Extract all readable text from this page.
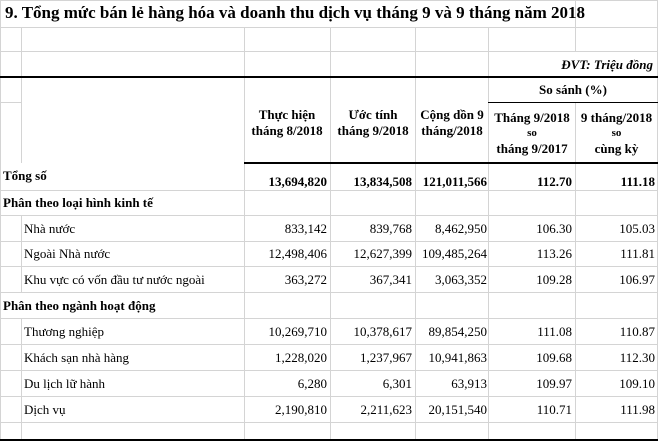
9. Tổng mức bán lẻ hàng hóa và doanh thu dịch vụ tháng 9 và 9 tháng năm 2018
ĐVT: Triệu đồng
Thực hiện tháng 8/2018
Ước tính tháng 9/2018
Cộng dồn 9 tháng/2018
So sánh (%)
Tháng 9/2018
so
tháng 9/2017
9 tháng/2018
so
cùng kỳ
Tổng số	13,694,820	13,834,508 121,011,566	112.70	111.18
Phân theo loại hình kinh tế
Nhà nước	833,142	839,768	8,462,950	106.30	105.03
Ngoài Nhà nước	12,498,406	12,627,399 109,485,264	113.26	111.81
Khu vực có vốn đầu tư nước ngoài	363,272	367,341	3,063,352	109.28	106.97
Phân theo ngành hoạt động
Thương nghiệp	10,269,710	10,378,617	89,854,250	111.08	110.87
Khách sạn nhà hàng	1,228,020	1,237,967	10,941,863	109.68	112.30
Du lịch lữ hành	6,280	6,301	63,913	109.97	109.10
Dịch vụ	2,190,810	2,211,623	20,151,540	110.71	111.98
